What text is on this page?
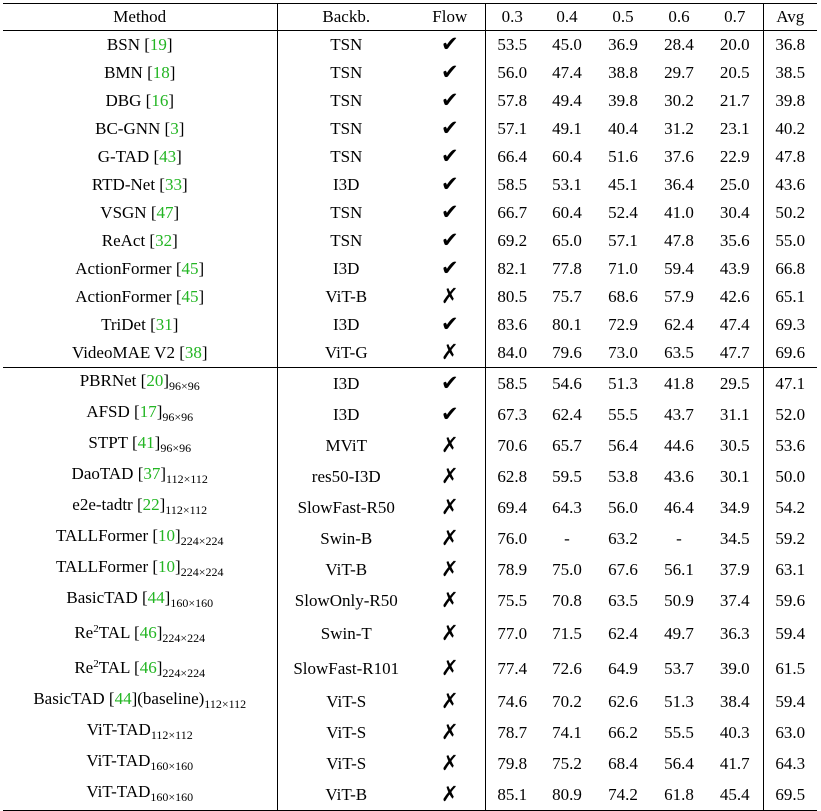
Method	Backb.	Flow	0.3	0.4	0.5	0.6	0.7	Avg
BSN [19]	TSN	✔	53.5	45.0	36.9	28.4	20.0	36.8
BMN [18]	TSN	✔	56.0	47.4	38.8	29.7	20.5	38.5
DBG [16]	TSN	✔	57.8	49.4	39.8	30.2	21.7	39.8
BC-GNN [3]	TSN	✔	57.1	49.1	40.4	31.2	23.1	40.2
G-TAD [43]	TSN	✔	66.4	60.4	51.6	37.6	22.9	47.8
RTD-Net [33]	I3D	✔	58.5	53.1	45.1	36.4	25.0	43.6
VSGN [47]	TSN	✔	66.7	60.4	52.4	41.0	30.4	50.2
ReAct [32]	TSN	✔	69.2	65.0	57.1	47.8	35.6	55.0
ActionFormer [45]	I3D	✔	82.1	77.8	71.0	59.4	43.9	66.8
ActionFormer [45]	ViT-B	✗	80.5	75.7	68.6	57.9	42.6	65.1
TriDet [31]	I3D	✔	83.6	80.1	72.9	62.4	47.4	69.3
VideoMAE V2 [38]	ViT-G	✗	84.0	79.6	73.0	63.5	47.7	69.6
PBRNet $[20]_{96\times 96}$	I3D	✔	58.5	54.6	51.3	41.8	29.5	47.1
AFSD $[17]_{96\times 96}$	I3D	✔	67.3	62.4	55.5	43.7	31.1	52.0
STPT $[41]_{96\times 96}$	MViT	✗	70.6	65.7	56.4	44.6	30.5	53.6
DaoTAD $[37]_{112\times 112}$	res50-I3D	✗	62.8	59.5	53.8	43.6	30.1	50.0
e2e-tadtr $[22]_{112\times 112}$	SlowFast-R50	✗	69.4	64.3	56.0	46.4	34.9	54.2
TALLFormer $[10]_{224\times 224}$	Swin-B	✗	76.0	-	63.2	-	34.5	59.2
TALLFormer $[10]_{224\times 224}$	ViT-B	✗	78.9	75.0	67.6	56.1	37.9	63.1
BasicTAD $[44]_{160\times 160}$	SlowOnly-R50	✗	75.5	70.8	63.5	50.9	37.4	59.6
Re$^2$TAL $[46]_{224\times 224}$	Swin-T	✗	77.0	71.5	62.4	49.7	36.3	59.4
Re$^2$TAL $[46]_{224\times 224}$	SlowFast-R101	✗	77.4	72.6	64.9	53.7	39.0	61.5
BasicTAD $[44](baseline)_{112\times 112}$	ViT-S	✗	74.6	70.2	62.6	51.3	38.4	59.4
ViT-$TAD_{112\times 112}$	ViT-S	✗	78.7	74.1	66.2	55.5	40.3	63.0
ViT-$TAD_{160\times 160}$	ViT-S	✗	79.8	75.2	68.4	56.4	41.7	64.3
ViT-$TAD_{160\times 160}$	ViT-B	✗	85.1	80.9	74.2	61.8	45.4	69.5
